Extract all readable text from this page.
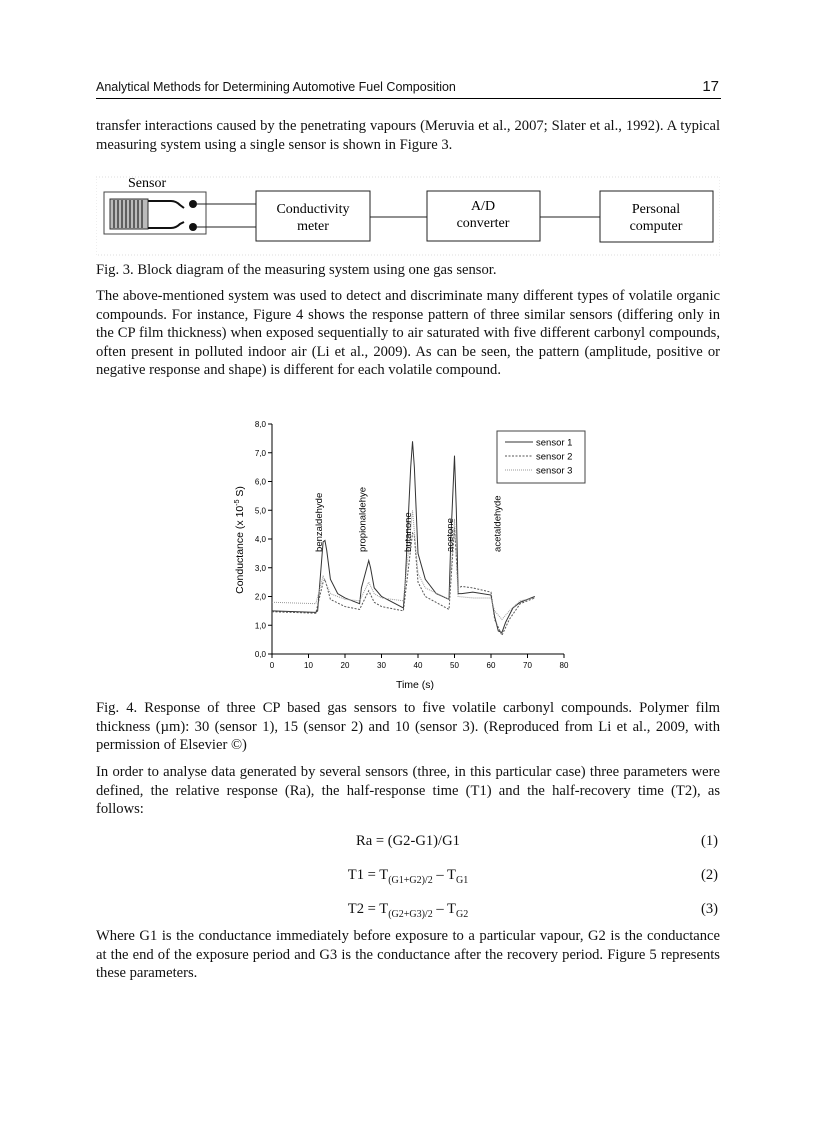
Analytical Methods for Determining Automotive Fuel Composition	17

transfer interactions caused by the penetrating vapours (Meruvia et al., 2007; Slater et al., 1992). A typical measuring system using a single sensor is shown in Figure 3.

Sensor
Conductivity
meter
A/D
converter
Personal
computer

Fig. 3. Block diagram of the measuring system using one gas sensor.

The above-mentioned system was used to detect and discriminate many different types of volatile organic compounds. For instance, Figure 4 shows the response pattern of three similar sensors (differing only in the CP film thickness) when exposed sequentially to air saturated with five different carbonyl compounds, often present in polluted indoor air (Li et al., 2009). As can be seen, the pattern (amplitude, positive or negative response and shape) is different for each volatile compound.

0	10	20	30	40	50	60	70	80
0,0
1,0
2,0
3,0
4,0
5,0
6,0
7,0
8,0
benzaldehyde	propionaldehye	butanone	acetone	acetaldehyde
sensor 1
sensor 2
sensor 3
Time (s)
Conductance (x $10^{-5}$ S)

Fig. 4. Response of three CP based gas sensors to five volatile carbonyl compounds. Polymer film thickness (µm): 30 (sensor 1), 15 (sensor 2) and 10 (sensor 3). (Reproduced from Li et al., 2009, with permission of Elsevier ©)

In order to analyse data generated by several sensors (three, in this particular case) three parameters were defined, the relative response (Ra), the half-response time (T1) and the half-recovery time (T2), as follows:

Ra = (G2-G1)/G1	(1)
$T1 = T_{(G1+G2)/2} - T_{G1}$	(2)
$T2 = T_{(G2+G3)/2} - T_{G2}$	(3)

Where G1 is the conductance immediately before exposure to a particular vapour, G2 is the conductance at the end of the exposure period and G3 is the conductance after the recovery period. Figure 5 represents these parameters.
